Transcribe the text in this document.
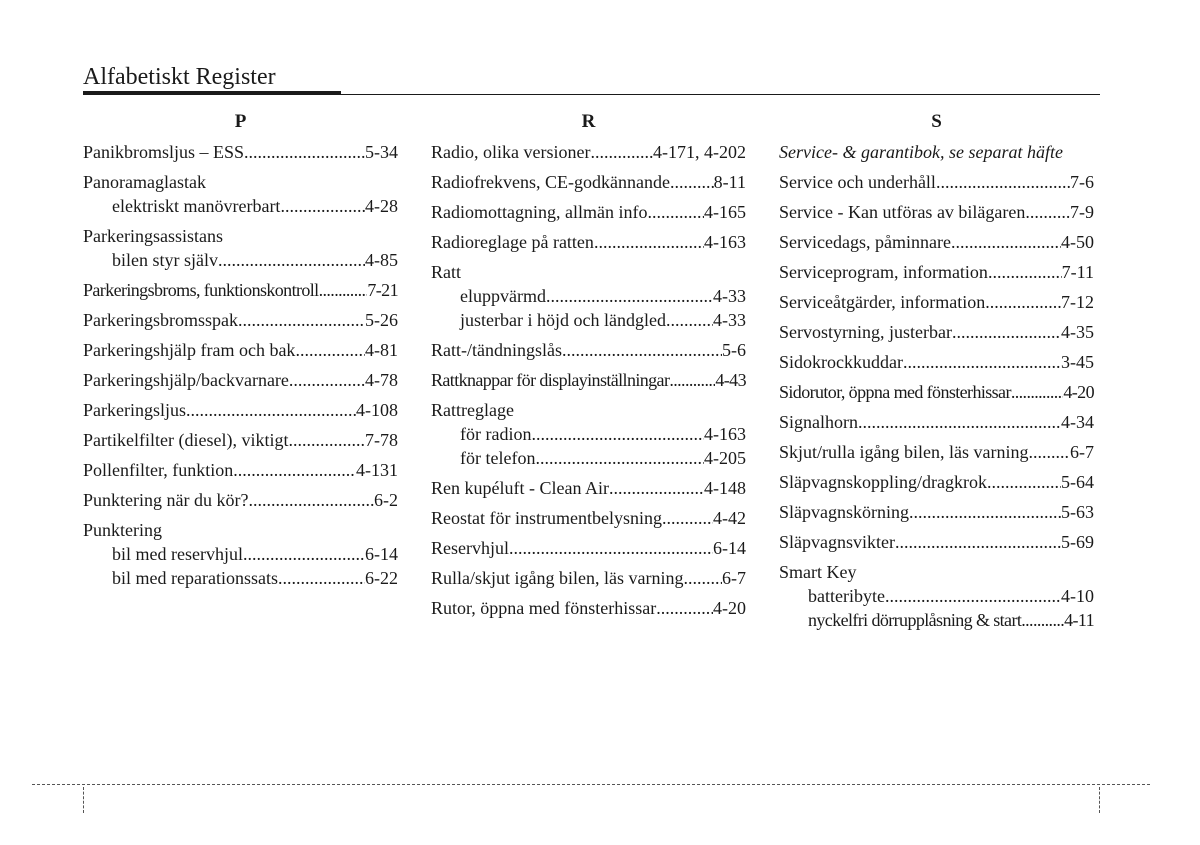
Alfabetiskt Register
P
Panikbromsljus – ESS .....	5-34
Panoramaglastak
elektriskt manövrerbart .....	4-28
Parkeringsassistans
bilen styr själv .....	4-85
Parkeringsbroms, funktionskontroll .....	7-21
Parkeringsbromsspak .....	5-26
Parkeringshjälp fram och bak .....	4-81
Parkeringshjälp/backvarnare .....	4-78
Parkeringsljus .....	4-108
Partikelfilter (diesel), viktigt .....	7-78
Pollenfilter, funktion .....	4-131
Punktering när du kör? .....	6-2
Punktering
bil med reservhjul .....	6-14
bil med reparationssats .....	6-22
R
Radio, olika versioner .....	4-171, 4-202
Radiofrekvens, CE-godkännande ..... 8-11
Radiomottagning, allmän info .....	4-165
Radioreglage på ratten .....	4-163
Ratt
eluppvärmd .....	4-33
justerbar i höjd och ländgled .....	4-33
Ratt-/tändningslås .....	5-6
Rattknappar för displayinställningar .....	4-43
Rattreglage
för radion .....	4-163
för telefon .....	4-205
Ren kupéluft - Clean Air .....	4-148
Reostat för instrumentbelysning .....	4-42
Reservhjul .....	6-14
Rulla/skjut igång bilen, läs varning ..... 6-7
Rutor, öppna med fönsterhissar .....	4-20
S
Service- & garantibok, se separat häfte
Service och underhåll .....	7-6
Service - Kan utföras av bilägaren ..... 7-9
Servicedags, påminnare .....	4-50
Serviceprogram, information .....	7-11
Serviceåtgärder, information .....	7-12
Servostyrning, justerbar .....	4-35
Sidokrockkuddar .....	3-45
Sidorutor, öppna med fönsterhissar .....	4-20
Signalhorn .....	4-34
Skjut/rulla igång bilen, läs varning ..... 6-7
Släpvagnskoppling/dragkrok .....	5-64
Släpvagnskörning .....	5-63
Släpvagnsvikter .....	5-69
Smart Key
batteribyte .....	4-10
nyckelfri dörrupplåsning & start ..... 4-11
